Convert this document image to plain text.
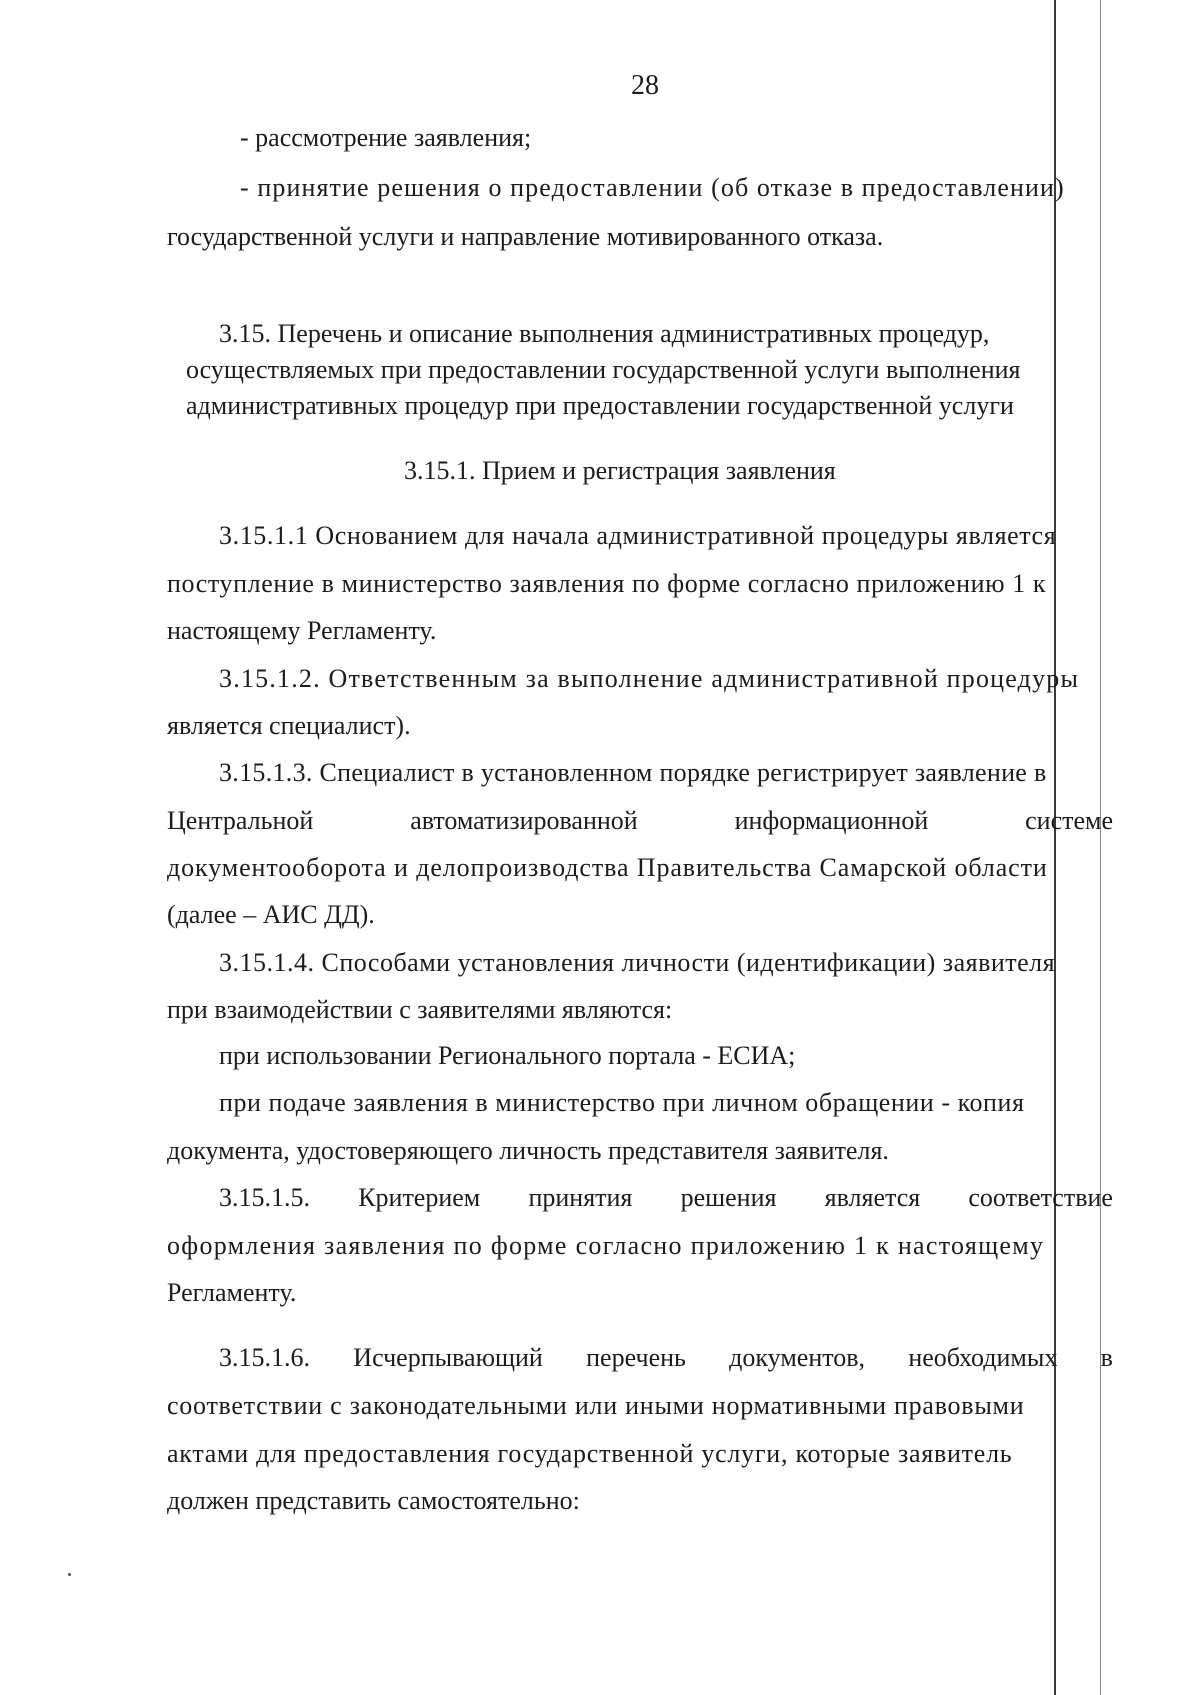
28
- рассмотрение заявления;
- принятие решения о предоставлении (об отказе в предоставлении)
государственной услуги и направление мотивированного отказа.
3.15. Перечень и описание выполнения административных процедур,
осуществляемых при предоставлении государственной услуги выполнения
административных процедур при предоставлении государственной услуги
3.15.1. Прием и регистрация заявления
3.15.1.1 Основанием для начала административной процедуры является
поступление в министерство заявления по форме согласно приложению 1 к
настоящему Регламенту.
3.15.1.2. Ответственным за выполнение административной процедуры
является специалист).
3.15.1.3. Специалист в установленном порядке регистрирует заявление в
Центральной	автоматизированной	информационной	системе
документооборота и делопроизводства Правительства Самарской области
(далее – АИС ДД).
3.15.1.4. Способами установления личности (идентификации) заявителя
при взаимодействии с заявителями являются:
при использовании Регионального портала - ЕСИА;
при подаче заявления в министерство при личном обращении - копия
документа, удостоверяющего личность представителя заявителя.
3.15.1.5. Критерием принятия решения является соответствие
оформления заявления по форме согласно приложению 1 к настоящему
Регламенту.
3.15.1.6. Исчерпывающий перечень документов, необходимых в
соответствии с законодательными или иными нормативными правовыми
актами для предоставления государственной услуги, которые заявитель
должен представить самостоятельно:
